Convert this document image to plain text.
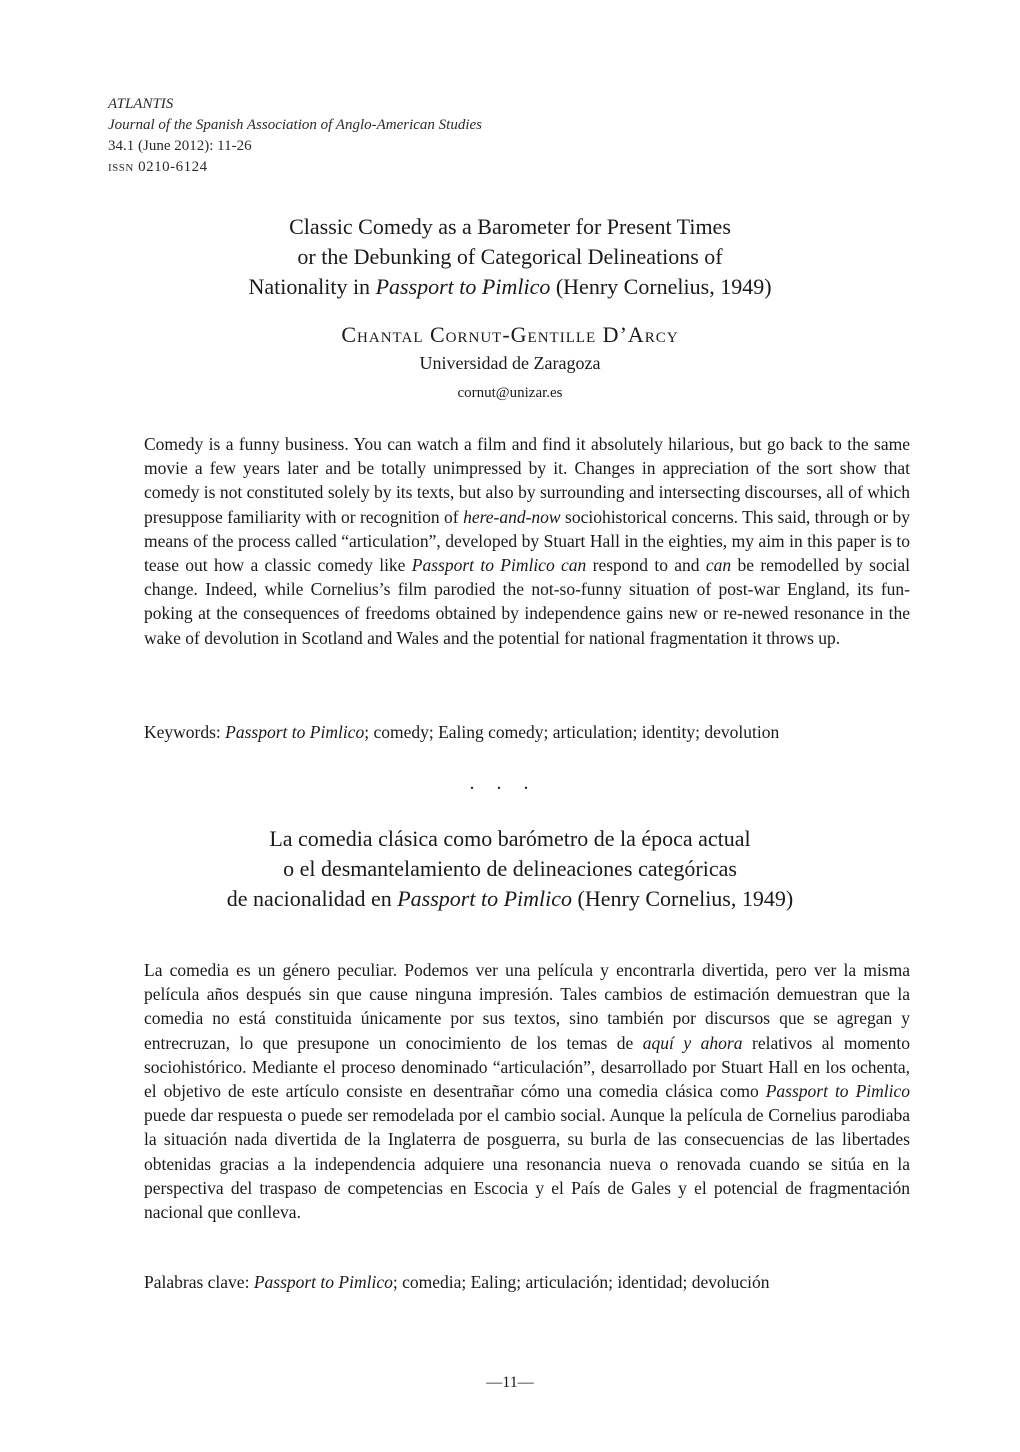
ATLANTIS
Journal of the Spanish Association of Anglo-American Studies
34.1 (June 2012): 11-26
issn 0210-6124
Classic Comedy as a Barometer for Present Times
or the Debunking of Categorical Delineations of
Nationality in Passport to Pimlico (Henry Cornelius, 1949)
Chantal Cornut-Gentille D’Arcy
Universidad de Zaragoza
cornut@unizar.es
Comedy is a funny business. You can watch a film and find it absolutely hilarious, but go back to the same movie a few years later and be totally unimpressed by it. Changes in appreciation of the sort show that comedy is not constituted solely by its texts, but also by surrounding and intersecting discourses, all of which presuppose familiarity with or recognition of here-and-now sociohistorical concerns. This said, through or by means of the process called “articulation”, developed by Stuart Hall in the eighties, my aim in this paper is to tease out how a classic comedy like Passport to Pimlico can respond to and can be remodelled by social change. Indeed, while Cornelius’s film parodied the not-so-funny situation of post-war England, its fun-poking at the consequences of freedoms obtained by independence gains new or re-newed resonance in the wake of devolution in Scotland and Wales and the potential for national fragmentation it throws up.
Keywords: Passport to Pimlico; comedy; Ealing comedy; articulation; identity; devolution
...
La comedia clásica como barómetro de la época actual
o el desmantelamiento de delineaciones categóricas
de nacionalidad en Passport to Pimlico (Henry Cornelius, 1949)
La comedia es un género peculiar. Podemos ver una película y encontrarla divertida, pero ver la misma película años después sin que cause ninguna impresión. Tales cambios de estimación demuestran que la comedia no está constituida únicamente por sus textos, sino también por discursos que se agregan y entrecruzan, lo que presupone un conocimiento de los temas de aquí y ahora relativos al momento sociohistórico. Mediante el proceso denominado “articulación”, desarrollado por Stuart Hall en los ochenta, el objetivo de este artículo consiste en desentrañar cómo una comedia clásica como Passport to Pimlico puede dar respuesta o puede ser remodelada por el cambio social. Aunque la película de Cornelius parodiaba la situación nada divertida de la Inglaterra de posguerra, su burla de las consecuencias de las libertades obtenidas gracias a la independencia adquiere una resonancia nueva o renovada cuando se sitúa en la perspectiva del traspaso de competencias en Escocia y el País de Gales y el potencial de fragmentación nacional que conlleva.
Palabras clave: Passport to Pimlico; comedia; Ealing; articulación; identidad; devolución
—11—
